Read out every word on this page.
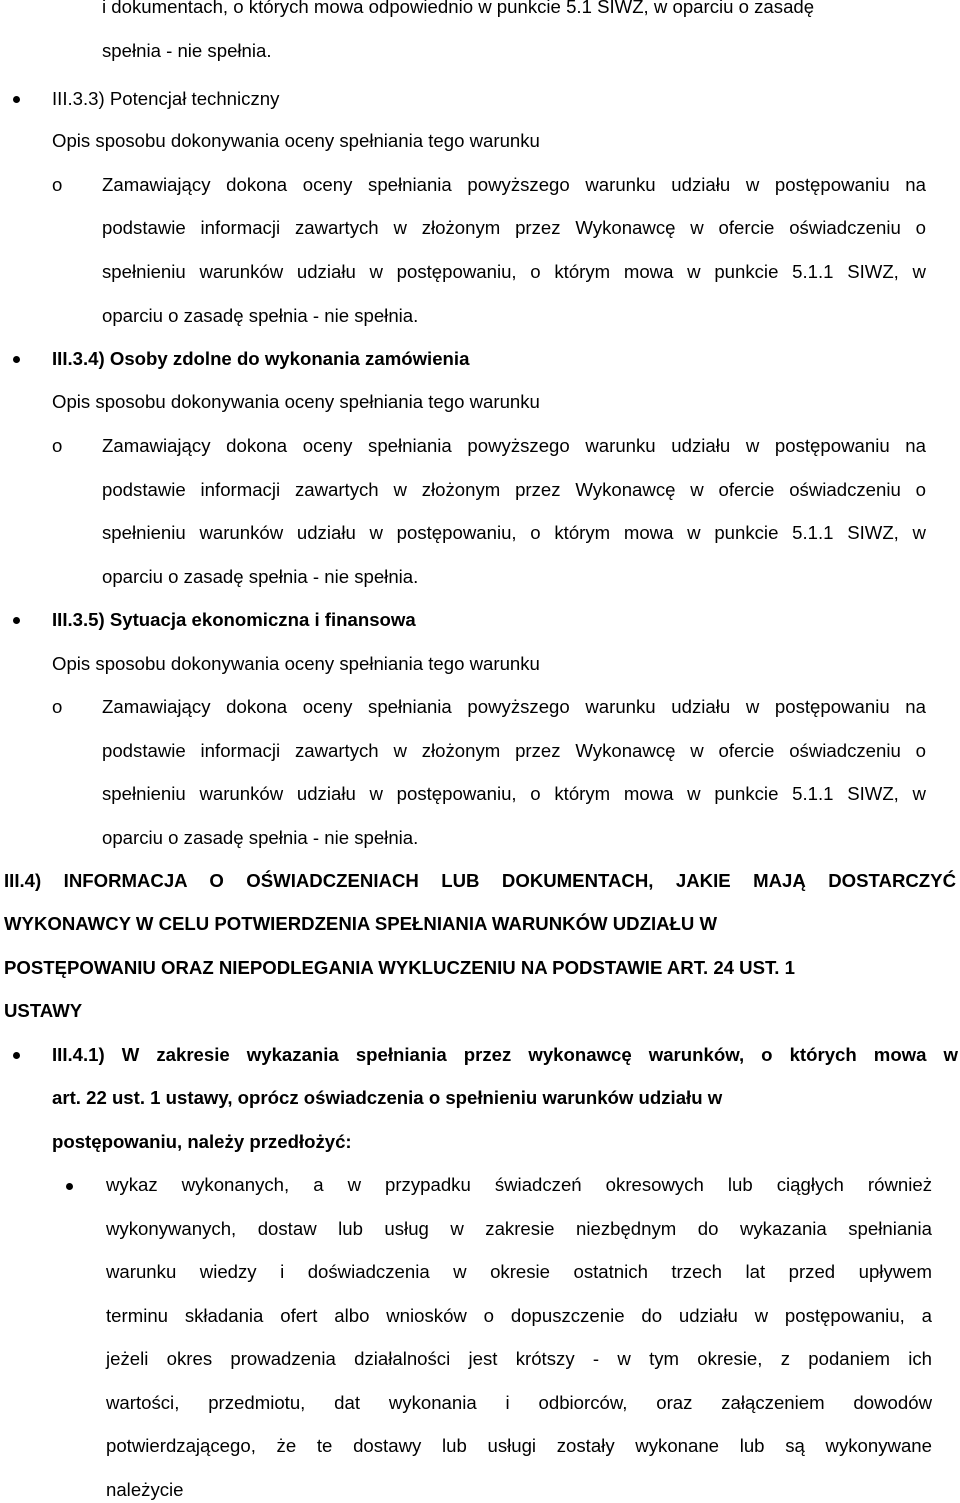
i dokumentach, o których mowa odpowiednio w punkcie 5.1 SIWZ, w oparciu o zasadę
spełnia - nie spełnia.
III.3.3) Potencjał techniczny
Opis sposobu dokonywania oceny spełniania tego warunku
o Zamawiający dokona oceny spełniania powyższego warunku udziału w postępowaniu na
podstawie informacji zawartych w złożonym przez Wykonawcę w ofercie oświadczeniu o
spełnieniu warunków udziału w postępowaniu, o którym mowa w punkcie 5.1.1 SIWZ, w
oparciu o zasadę spełnia - nie spełnia.
III.3.4) Osoby zdolne do wykonania zamówienia
Opis sposobu dokonywania oceny spełniania tego warunku
o Zamawiający dokona oceny spełniania powyższego warunku udziału w postępowaniu na
podstawie informacji zawartych w złożonym przez Wykonawcę w ofercie oświadczeniu o
spełnieniu warunków udziału w postępowaniu, o którym mowa w punkcie 5.1.1 SIWZ, w
oparciu o zasadę spełnia - nie spełnia.
III.3.5) Sytuacja ekonomiczna i finansowa
Opis sposobu dokonywania oceny spełniania tego warunku
o Zamawiający dokona oceny spełniania powyższego warunku udziału w postępowaniu na
podstawie informacji zawartych w złożonym przez Wykonawcę w ofercie oświadczeniu o
spełnieniu warunków udziału w postępowaniu, o którym mowa w punkcie 5.1.1 SIWZ, w
oparciu o zasadę spełnia - nie spełnia.
III.4) INFORMACJA O OŚWIADCZENIACH LUB DOKUMENTACH, JAKIE MAJĄ DOSTARCZYĆ
WYKONAWCY W CELU POTWIERDZENIA SPEŁNIANIA WARUNKÓW UDZIAŁU W
POSTĘPOWANIU ORAZ NIEPODLEGANIA WYKLUCZENIU NA PODSTAWIE ART. 24 UST. 1
USTAWY
III.4.1) W zakresie wykazania spełniania przez wykonawcę warunków, o których mowa w
art. 22 ust. 1 ustawy, oprócz oświadczenia o spełnieniu warunków udziału w
postępowaniu, należy przedłożyć:
wykaz wykonanych, a w przypadku świadczeń okresowych lub ciągłych również
wykonywanych, dostaw lub usług w zakresie niezbędnym do wykazania spełniania
warunku wiedzy i doświadczenia w okresie ostatnich trzech lat przed upływem
terminu składania ofert albo wniosków o dopuszczenie do udziału w postępowaniu, a
jeżeli okres prowadzenia działalności jest krótszy - w tym okresie, z podaniem ich
wartości, przedmiotu, dat wykonania i odbiorców, oraz załączeniem dowodów
potwierdzającego, że te dostawy lub usługi zostały wykonane lub są wykonywane
należycie
